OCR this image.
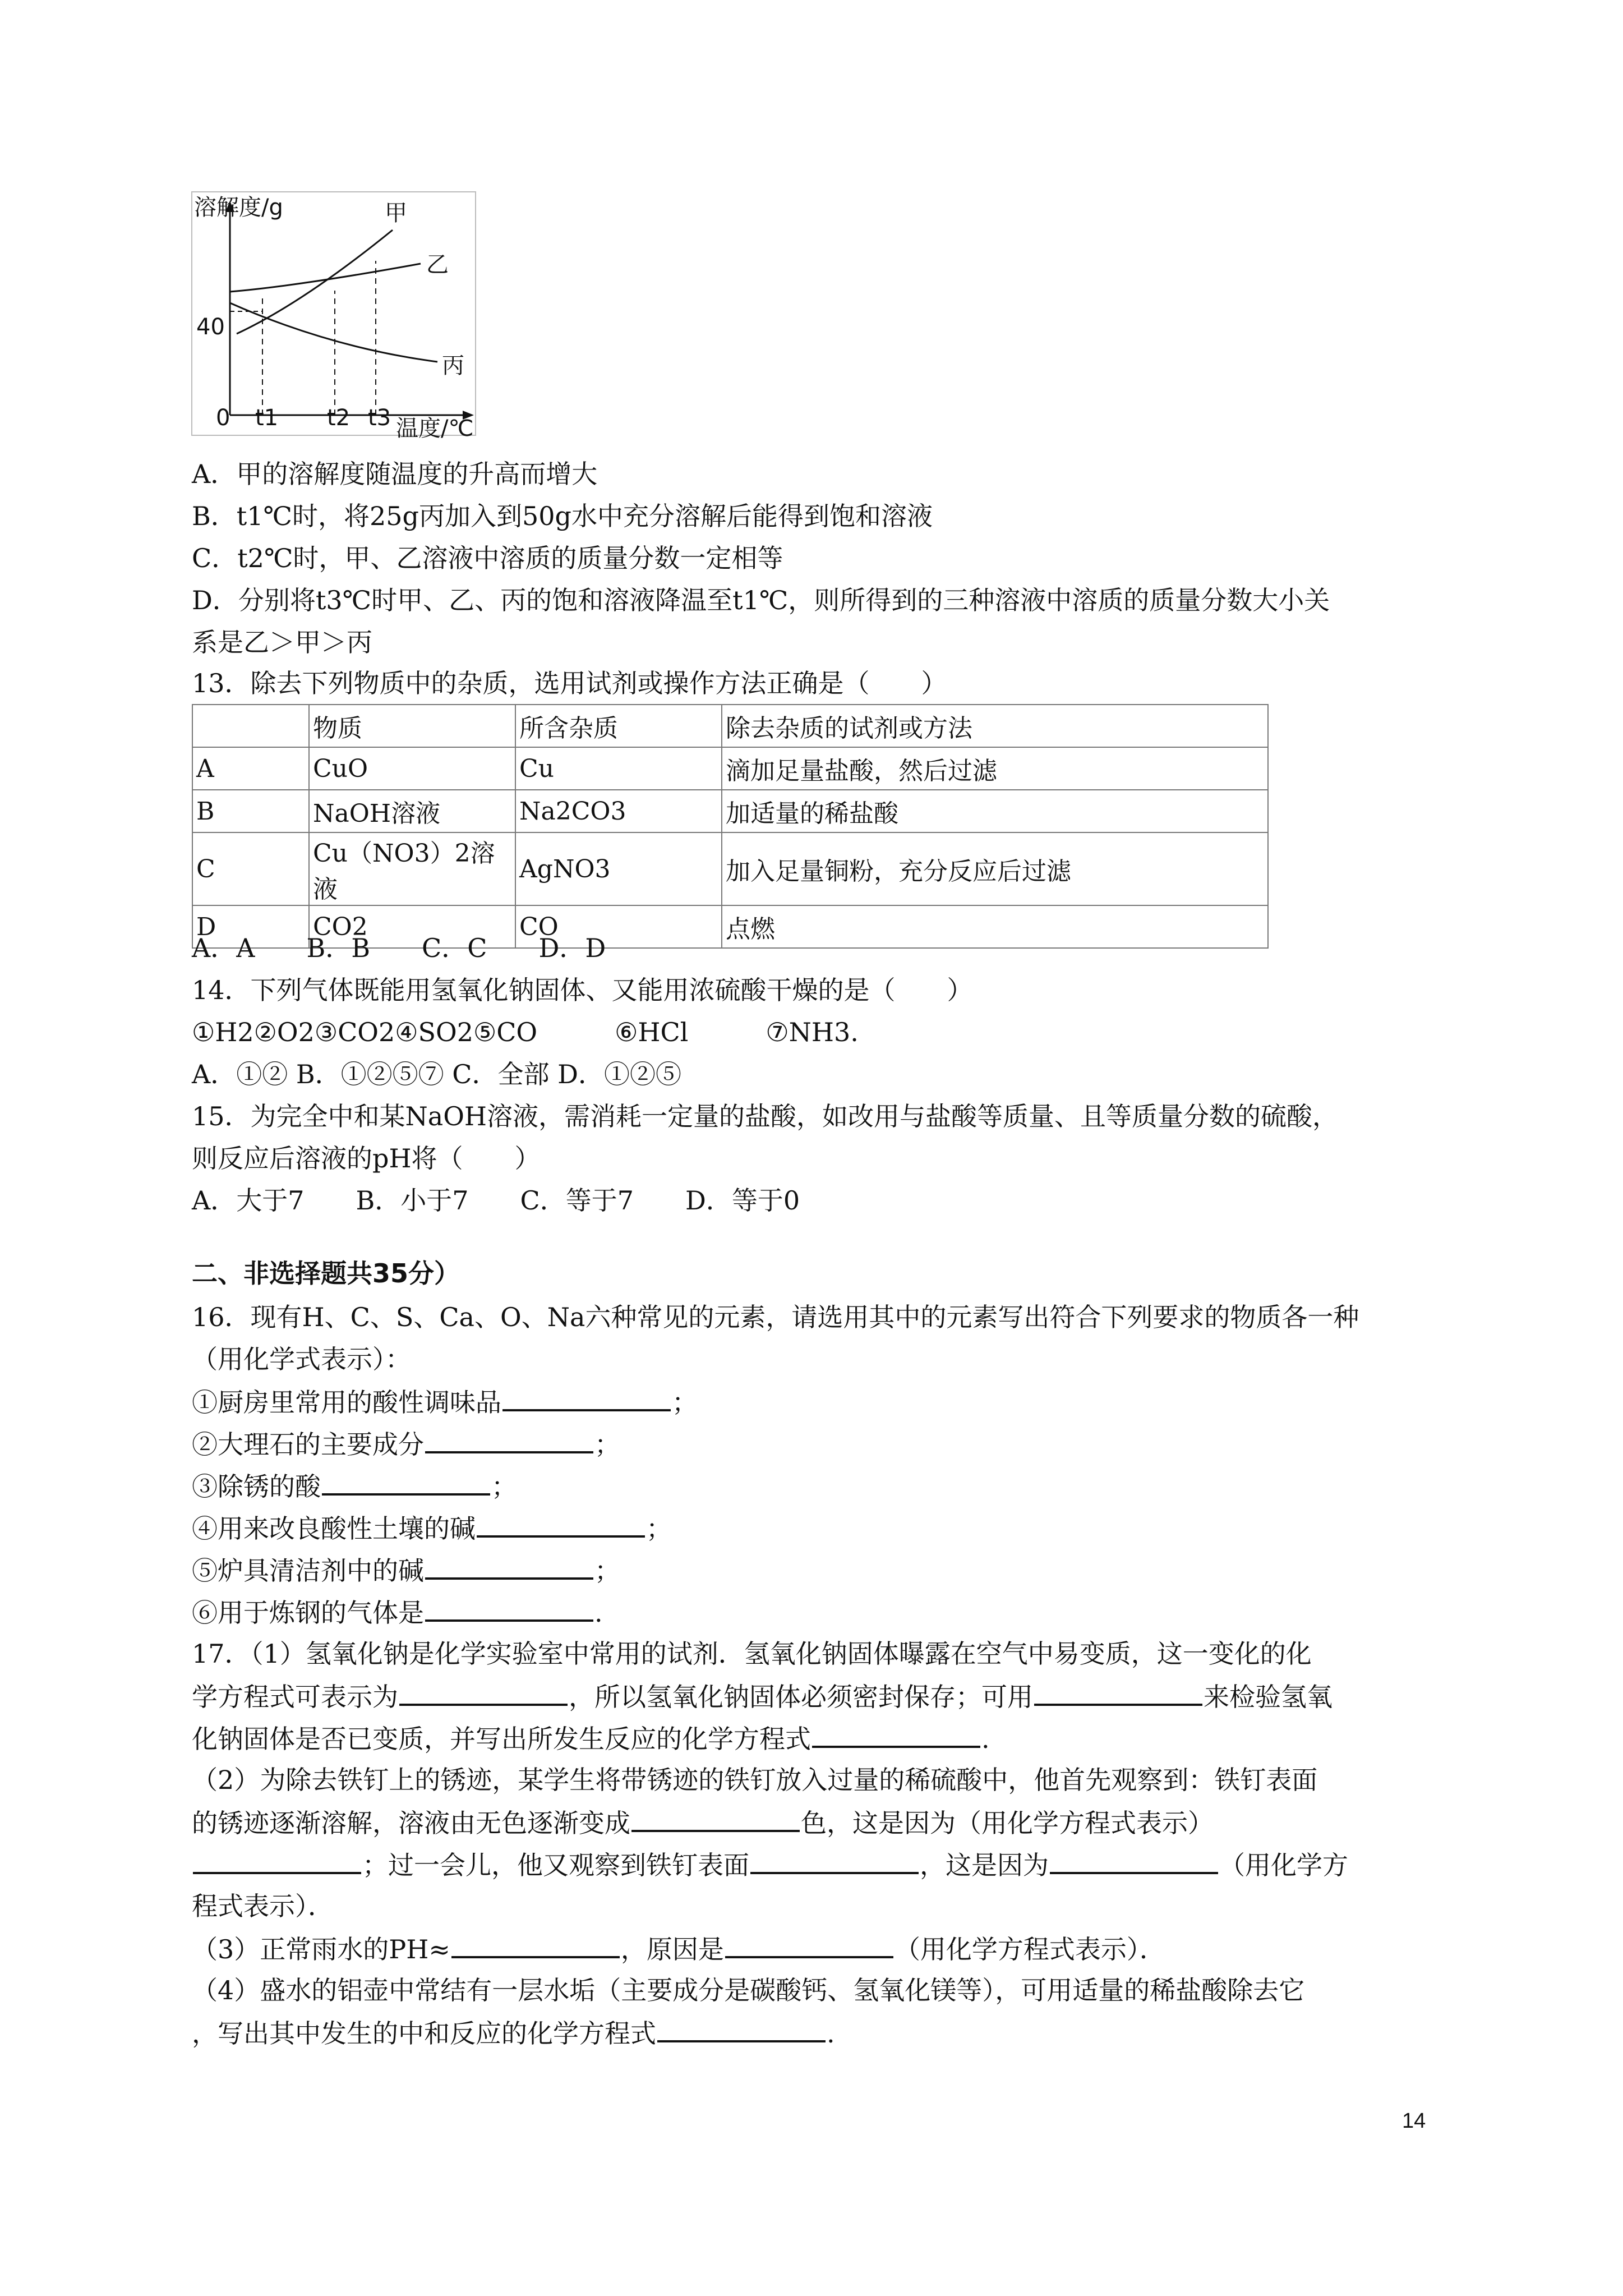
溶解度/g	甲
乙
丙
40
0 t1 t2 t3 温度/℃
A．甲的溶解度随温度的升高而增大
B．t1℃时，将25g丙加入到50g水中充分溶解后能得到饱和溶液
C．t2℃时，甲、乙溶液中溶质的质量分数一定相等
D．分别将t3℃时甲、乙、丙的饱和溶液降温至t1℃，则所得到的三种溶液中溶质的质量分数大小关
系是乙＞甲＞丙
13．除去下列物质中的杂质，选用试剂或操作方法正确是（　　）
	物质	所含杂质	除去杂质的试剂或方法
A	CuO	Cu	滴加足量盐酸，然后过滤
B	NaOH溶液	Na2CO3	加适量的稀盐酸
C	Cu（NO3）2溶液	AgNO3	加入足量铜粉，充分反应后过滤
D	CO2	CO	点燃
A．A　　B．B　　C．C　　D．D
14．下列气体既能用氢氧化钠固体、又能用浓硫酸干燥的是（　　）
①H2②O2③CO2④SO2⑤CO　　　⑥HCl　　　⑦NH3.
A．①② B．①②⑤⑦ C．全部 D．①②⑤
15．为完全中和某NaOH溶液，需消耗一定量的盐酸，如改用与盐酸等质量、且等质量分数的硫酸，
则反应后溶液的pH将（　　）
A．大于7　　B．小于7　　C．等于7　　D．等于0
二、非选择题共35分）
16．现有H、C、S、Ca、O、Na六种常见的元素，请选用其中的元素写出符合下列要求的物质各一种
（用化学式表示）：
①厨房里常用的酸性调味品	；
②大理石的主要成分	；
③除锈的酸	；
④用来改良酸性土壤的碱	；
⑤炉具清洁剂中的碱	；
⑥用于炼钢的气体是	.
17．（1）氢氧化钠是化学实验室中常用的试剂．氢氧化钠固体曝露在空气中易变质，这一变化的化
学方程式可表示为	，所以氢氧化钠固体必须密封保存；可用	来检验氢氧
化钠固体是否已变质，并写出所发生反应的化学方程式	.
（2）为除去铁钉上的锈迹，某学生将带锈迹的铁钉放入过量的稀硫酸中，他首先观察到：铁钉表面
的锈迹逐渐溶解，溶液由无色逐渐变成	色，这是因为（用化学方程式表示）
；过一会儿，他又观察到铁钉表面	，这是因为	（用化学方
程式表示）．
（3）正常雨水的PH≈	，原因是	（用化学方程式表示）．
（4）盛水的铝壶中常结有一层水垢（主要成分是碳酸钙、氢氧化镁等），可用适量的稀盐酸除去它
，写出其中发生的中和反应的化学方程式	.
14
